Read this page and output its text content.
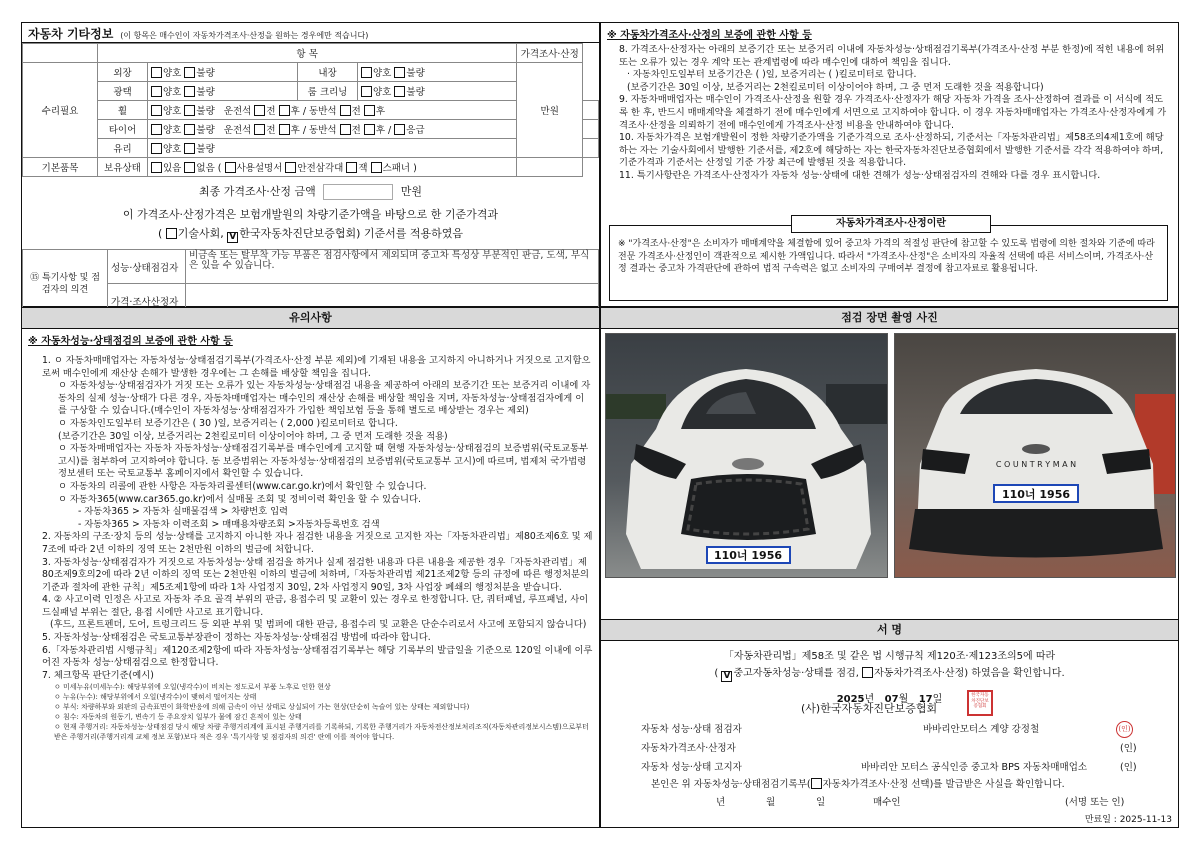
자동차 기타정보 (이 항목은 매수인이 자동차가격조사·산정을 원하는 경우에만 적습니다)
	항 목				가격조사·산정	
수리필요	외장	양호 불량	내장	양호 불량	만원	
	광택	양호 불량	룸 크리닝	양호 불량		
	휠	양호 불량 운전석 전 후 / 동반석 전 후				
	타이어	양호 불량 운전석 전 후 / 동반석 전 후 / 응급				
	유리	양호 불량				
기본품목	보유상태	있음 없음 ( 사용설명서 안전삼각대 잭 스패너 )				
최종 가격조사·산정 금액	만원
이 가격조사·산정가격은 보험개발원의 차량기준가액을 바탕으로 한 기준가격과
( 기술사회, V 한국자동차진단보증협회) 기준서를 적용하였음
⑮ 특기사항 및 점검자의 의견	성능·상태점검자	비금속 또는 탈부착 가능 부품은 점검사항에서 제외되며 중고차 특성상 부분적인 판금, 도색, 부식은 있을 수 있습니다.
	가격·조사산정자	
※ 자동차가격조사·산정의 보증에 관한 사항 등

8. 가격조사·산정자는 아래의 보증기간 또는 보증거리 이내에 자동차성능·상태점검기록부(가격조사·산정 부분 한정)에 적힌 내용에 허위 또는 오류가 있는 경우 계약 또는 관계법령에 따라 매수인에 대하여 책임을 집니다.

· 자동차인도일부터 보증기간은 ( )일, 보증거리는 ( )킬로미터로 합니다.

(보증기간은 30일 이상, 보증거리는 2천킬로미터 이상이어야 하며, 그 중 먼저 도래한 것을 적용합니다)

9. 자동차매매업자는 매수인이 가격조사·산정을 원할 경우 가격조사·산정자가 해당 자동차 가격을 조사·산정하여 결과를 이 서식에 적도록 한 후, 반드시 매매계약을 체결하기 전에 매수인에게 서면으로 고지하여야 합니다. 이 경우 자동차매매업자는 가격조사·산정자에게 가격조사·산정을 의뢰하기 전에 매수인에게 가격조사·산정 비용을 안내하여야 합니다.

10. 자동차가격은 보험개발원이 정한 차량기준가액을 기준가격으로 조사·산정하되, 기준서는「자동차관리법」제58조의4제1호에 해당하는 자는 기술사회에서 발행한 기준서를, 제2호에 해당하는 자는 한국자동차진단보증협회에서 발행한 기준서를 각각 적용하여야 하며, 기준가격과 기준서는 산정일 기준 가장 최근에 발행된 것을 적용합니다.

11. 특기사항란은 가격조사·산정자가 자동차 성능·상태에 대한 견해가 성능·상태점검자의 견해와 다를 경우 표시합니다.

자동차가격조사·산정이란

※ "가격조사·산정"은 소비자가 매매계약을 체결함에 있어 중고차 가격의 적절성 판단에 참고할 수 있도록 법령에 의한 절차와 기준에 따라 전문 가격조사·산정인이 객관적으로 제시한 가액입니다. 따라서 "가격조사·산정"은 소비자의 자율적 선택에 따른 서비스이며, 가격조사·산정 결과는 중고차 가격판단에 관하여 법적 구속력은 없고 소비자의 구매여부 결정에 참고자료로 활용됩니다.

유의사항
※ 자동차성능·상태점검의 보증에 관한 사항 등

1. ㅇ 자동차매매업자는 자동차성능·상태점검기록부(가격조사·산정 부분 제외)에 기재된 내용을 고지하지 아니하거나 거짓으로 고지함으로써 매수인에게 재산상 손해가 발생한 경우에는 그 손해를 배상할 책임을 집니다.

ㅇ 자동차성능·상태점검자가 거짓 또는 오류가 있는 자동차성능·상태점검 내용을 제공하여 아래의 보증기간 또는 보증거리 이내에 자동차의 실제 성능·상태가 다른 경우, 자동차매매업자는 매수인의 재산상 손해를 배상할 책임을 지며, 자동차성능·상태점검자에게 이를 구상할 수 있습니다.(매수인이 자동차성능·상태점검자가 가입한 책임보험 등을 통해 별도로 배상받는 경우는 제외)

ㅇ 자동차인도일부터 보증기간은 ( 30 )일, 보증거리는 ( 2,000 )킬로미터로 합니다.

(보증기간은 30일 이상, 보증거리는 2천킬로미터 이상이어야 하며, 그 중 먼저 도래한 것을 적용)

ㅇ 자동차매매업자는 자동차 자동차성능·상태점검기록부를 매수인에게 고지할 때 현행 자동차성능·상태점검의 보증범위(국토교통부 고시)를 첨부하여 고지하여야 합니다. 동 보증범위는 자동차성능·상태점검의 보증범위(국토교통부 고시)에 따르며, 법제처 국가법령정보센터 또는 국토교통부 홈페이지에서 확인할 수 있습니다.

ㅇ 자동차의 리콜에 관한 사항은 자동차리콜센터(www.car.go.kr)에서 확인할 수 있습니다.

ㅇ 자동차365(www.car365.go.kr)에서 실매물 조회 및 정비이력 확인을 할 수 있습니다.

- 자동차365 > 자동차 실매물검색 > 차량번호 입력

- 자동차365 > 자동차 이력조회 > 매매용차량조회 >자동차등록번호 검색

2. 자동차의 구조·장치 등의 성능·상태를 고지하지 아니한 자나 점검한 내용을 거짓으로 고지한 자는「자동차관리법」제80조제6호 및 제7조에 따라 2년 이하의 징역 또는 2천만원 이하의 벌금에 처합니다.

3. 자동차성능·상태점검자가 거짓으로 자동차성능·상태 점검을 하거나 실제 점검한 내용과 다른 내용을 제공한 경우「자동차관리법」제80조제9호의2에 따라 2년 이하의 징역 또는 2천만원 이하의 벌금에 처하며,「자동차관리법 제21조제2항 등의 규정에 따른 행정처분의 기준과 절차에 관한 규칙」제5조제1항에 따라 1차 사업정지 30일, 2차 사업정지 90일, 3차 사업장 폐쇄의 행정처분을 받습니다.

4. ② 사고이력 인정은 사고로 자동차 주요 골격 부위의 판금, 용접수리 및 교환이 있는 경우로 한정합니다. 단, 쿼터패널, 루프패널, 사이드실패널 부위는 절단, 용접 시에만 사고로 표기합니다.

(후드, 프론트펜더, 도어, 트렁크리드 등 외판 부위 및 범퍼에 대한 판금, 용접수리 및 교환은 단순수리로서 사고에 포함되지 않습니다)

5. 자동차성능·상태점검은 국토교통부장관이 정하는 자동차성능·상태점검 방법에 따라야 합니다.

6.「자동차관리법 시행규칙」제120조제2항에 따라 자동차성능·상태점검기록부는 해당 기록부의 발급일을 기준으로 120일 이내에 이루어진 자동차 성능·상태점검으로 한정합니다.

7. 체크항목 판단기준(예시)

ㅇ 미세누유(미세누수): 해당부위에 오일(냉각수)이 비치는 정도로서 부품 노후로 인한 현상

ㅇ 누유(누수): 해당부위에서 오일(냉각수)이 맺혀서 떨어지는 상태

ㅇ 부식: 차량하부와 외판의 금속표면이 화학반응에 의해 금속이 아닌 상태로 상실되어 가는 현상(단순히 녹슬어 있는 상태는 제외합니다)

ㅇ 침수: 자동차의 원동기, 변속기 등 주요장치 일부가 물에 잠긴 흔적이 있는 상태

ㅇ 현재 주행거리: 자동차성능·상태점검 당시 해당 차량 주행거리계에 표시된 주행거리를 기록하되, 기록한 주행거리가 자동차전산정보처리조직(자동차관리정보시스템)으로부터 받은 주행거리(주행거리계 교체 정보 포함)보다 적은 경우 '특기사항 및 점검자의 의견' 란에 이를 적어야 합니다.

점검 장면 촬영 사진
110너 1956
C O U N T R Y M A N
110너 1956
서 명
「자동차관리법」제58조 및 같은 법 시행규칙 제120조·제123조의5에 따라
( V 중고자동차성능·상태를 점검, 자동차가격조사·산정) 하였음을 확인합니다.
2025년 07월 17일
(사)한국자동차진단보증협회
한국자동차진단보증협회
자동차 성능·상태 점검자	바바리안모터스 계양 강정철	(인)
자동차가격조사·산정자	(인)
자동차 성능·상태 고지자	바바리안 모터스 공식인증 중고차 BPS 자동차매매업소	(인)
본인은 위 자동차성능·상태점검기록부( 자동차가격조사·산정 선택)를 발급받은 사실을 확인합니다.
년	월	일	매수인	(서명 또는 인)
만료일 : 2025-11-13
